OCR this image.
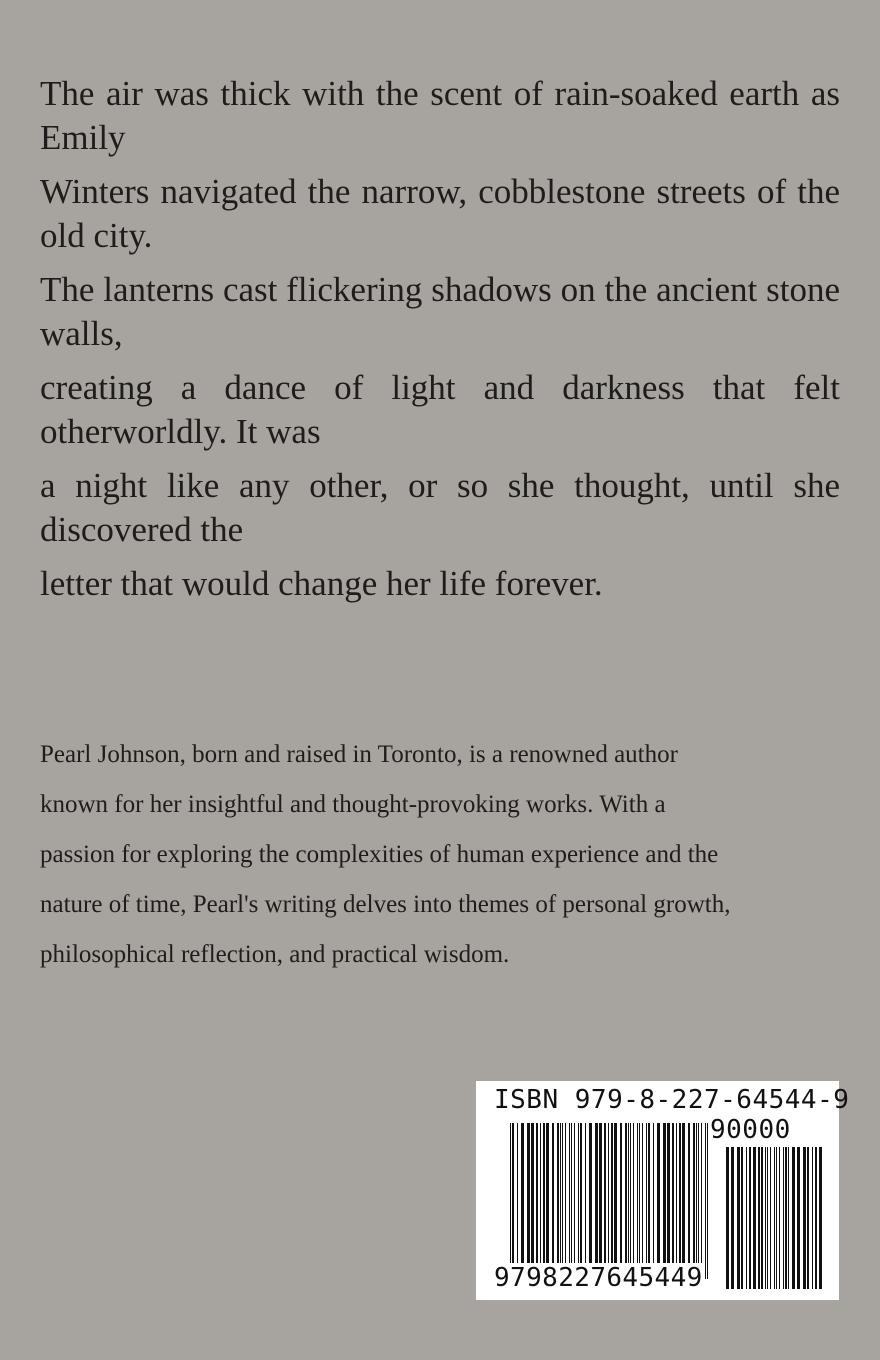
The air was thick with the scent of rain-soaked earth as Emily

Winters navigated the narrow, cobblestone streets of the old city.

The lanterns cast flickering shadows on the ancient stone walls,

creating a dance of light and darkness that felt otherworldly. It was

a night like any other, or so she thought, until she discovered the

letter that would change her life forever.

Pearl Johnson, born and raised in Toronto, is a renowned author known for her insightful and thought-provoking works. With a passion for exploring the complexities of human experience and the nature of time, Pearl's writing delves into themes of personal growth, philosophical reflection, and practical wisdom.
ISBN 979-8-227-64544-9
90000
9798227645449
